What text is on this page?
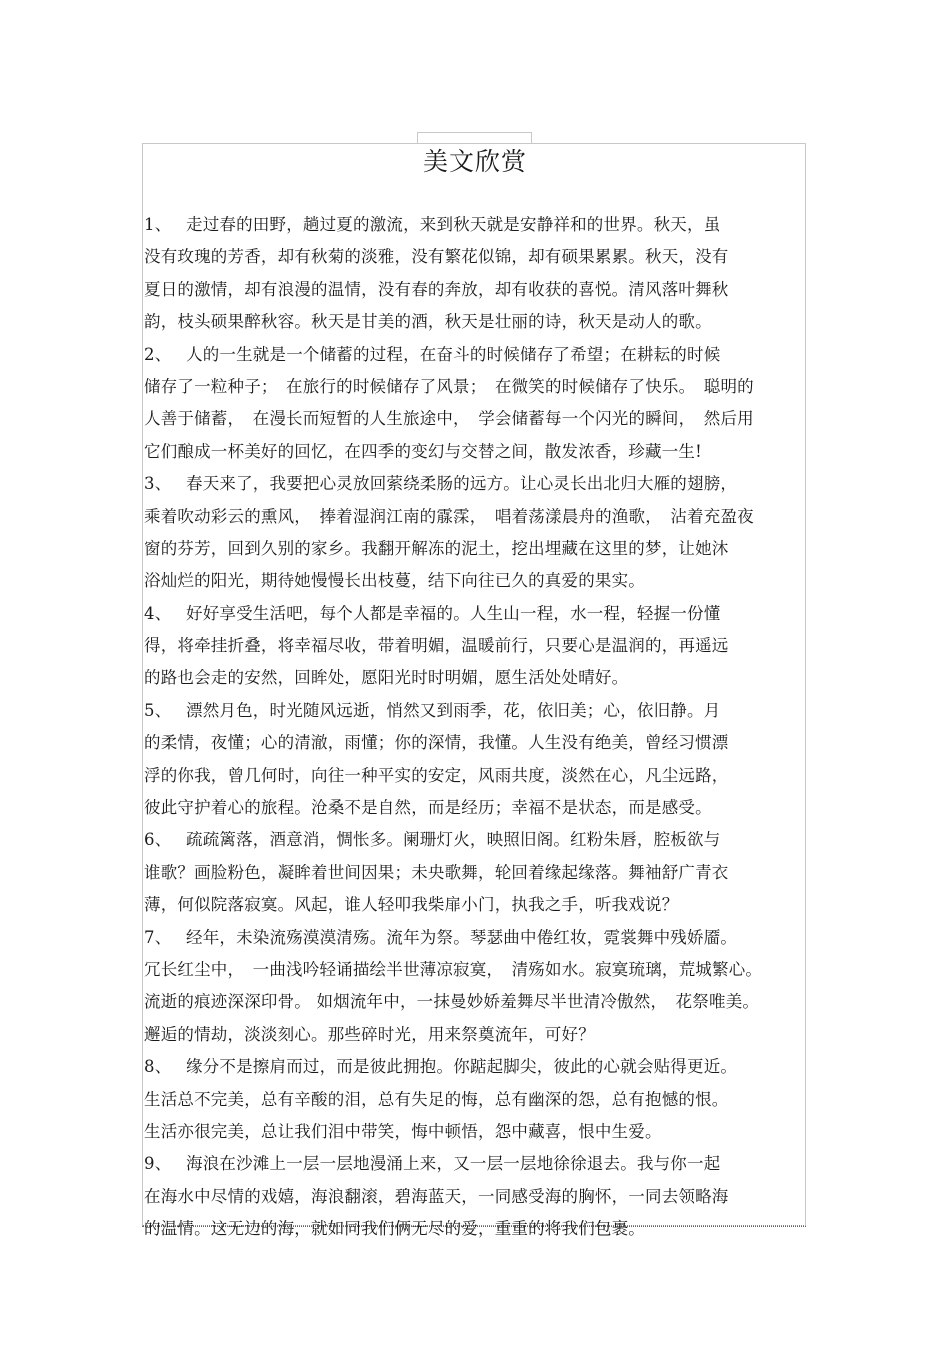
美文欣赏
1、 走过春的田野，趟过夏的激流，来到秋天就是安静祥和的世界。秋天，虽
没有玫瑰的芳香，却有秋菊的淡雅，没有繁花似锦，却有硕果累累。秋天，没有
夏日的激情，却有浪漫的温情，没有春的奔放，却有收获的喜悦。清风落叶舞秋
韵，枝头硕果醉秋容。秋天是甘美的酒，秋天是壮丽的诗，秋天是动人的歌。
2、 人的一生就是一个储蓄的过程，在奋斗的时候储存了希望；在耕耘的时候
储存了一粒种子；　在旅行的时候储存了风景；　在微笑的时候储存了快乐。　聪明的
人善于储蓄，　在漫长而短暂的人生旅途中，　学会储蓄每一个闪光的瞬间，　然后用
它们酿成一杯美好的回忆，在四季的变幻与交替之间，散发浓香，珍藏一生!
3、 春天来了，我要把心灵放回萦绕柔肠的远方。让心灵长出北归大雁的翅膀，
乘着吹动彩云的熏风，　捧着湿润江南的霡霂，　唱着荡漾晨舟的渔歌，　沾着充盈夜
窗的芬芳，回到久别的家乡。我翻开解冻的泥土，挖出埋藏在这里的梦，让她沐
浴灿烂的阳光，期待她慢慢长出枝蔓，结下向往已久的真爱的果实。
4、 好好享受生活吧，每个人都是幸福的。人生山一程，水一程，轻握一份懂
得，将牵挂折叠，将幸福尽收，带着明媚，温暖前行，只要心是温润的，再遥远
的路也会走的安然，回眸处，愿阳光时时明媚，愿生活处处晴好。
5、 漂然月色，时光随风远逝，悄然又到雨季，花，依旧美；心，依旧静。月
的柔情，夜懂；心的清澈，雨懂；你的深情，我懂。人生没有绝美，曾经习惯漂
浮的你我，曾几何时，向往一种平实的安定，风雨共度，淡然在心，凡尘远路，
彼此守护着心的旅程。沧桑不是自然，而是经历；幸福不是状态，而是感受。
6、 疏疏篱落，酒意消，惆怅多。阑珊灯火，映照旧阁。红粉朱唇，腔板欲与
谁歌？画脸粉色，凝眸着世间因果；未央歌舞，轮回着缘起缘落。舞袖舒广青衣
薄，何似院落寂寞。风起，谁人轻叩我柴扉小门，执我之手，听我戏说？
7、 经年，未染流殇漠漠清殇。流年为祭。琴瑟曲中倦红妆，霓裳舞中残娇靥。
冗长红尘中，　一曲浅吟轻诵描绘半世薄凉寂寞，　清殇如水。寂寞琉璃，荒城繁心。
流逝的痕迹深深印骨。 如烟流年中，一抹曼妙娇羞舞尽半世清冷傲然，　花祭唯美。
邂逅的情劫，淡淡刻心。那些碎时光，用来祭奠流年，可好？
8、 缘分不是擦肩而过，而是彼此拥抱。你踮起脚尖，彼此的心就会贴得更近。
生活总不完美，总有辛酸的泪，总有失足的悔，总有幽深的怨，总有抱憾的恨。
生活亦很完美，总让我们泪中带笑，悔中顿悟，怨中藏喜，恨中生爱。
9、 海浪在沙滩上一层一层地漫涌上来，又一层一层地徐徐退去。我与你一起
在海水中尽情的戏嬉，海浪翻滚，碧海蓝天，一同感受海的胸怀，一同去领略海
的温情。这无边的海，就如同我们俩无尽的爱，重重的将我们包裹。
